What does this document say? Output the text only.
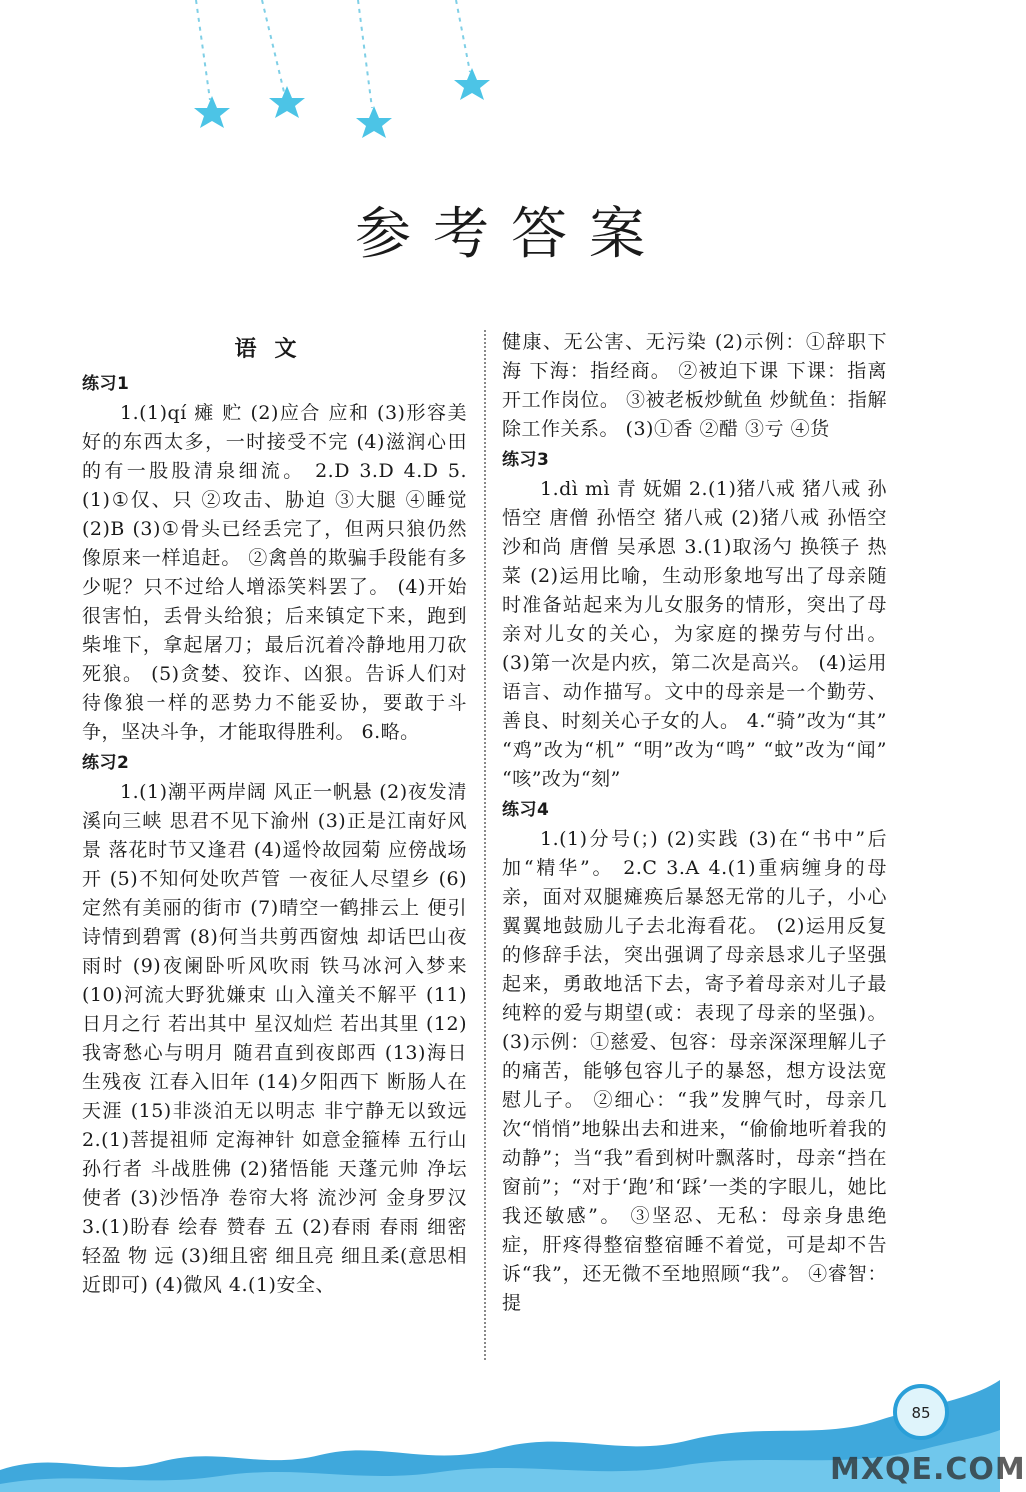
参考答案
语文

练习1

1.(1)qí 瘫 贮 (2)应合 应和 (3)形容美好的东西太多，一时接受不完 (4)滋润心田的有一股股清泉细流。 2.D 3.D 4.D 5.(1)①仅、只 ②攻击、胁迫 ③大腿 ④睡觉 (2)B (3)①骨头已经丢完了，但两只狼仍然像原来一样追赶。 ②禽兽的欺骗手段能有多少呢？只不过给人增添笑料罢了。 (4)开始很害怕，丢骨头给狼；后来镇定下来，跑到柴堆下，拿起屠刀；最后沉着冷静地用刀砍死狼。 (5)贪婪、狡诈、凶狠。告诉人们对待像狼一样的恶势力不能妥协，要敢于斗争，坚决斗争，才能取得胜利。 6.略。

练习2

1.(1)潮平两岸阔 风正一帆悬 (2)夜发清溪向三峡 思君不见下渝州 (3)正是江南好风景 落花时节又逢君 (4)遥怜故园菊 应傍战场开 (5)不知何处吹芦管 一夜征人尽望乡 (6)定然有美丽的街市 (7)晴空一鹤排云上 便引诗情到碧霄 (8)何当共剪西窗烛 却话巴山夜雨时 (9)夜阑卧听风吹雨 铁马冰河入梦来 (10)河流大野犹嫌束 山入潼关不解平 (11)日月之行 若出其中 星汉灿烂 若出其里 (12)我寄愁心与明月 随君直到夜郎西 (13)海日生残夜 江春入旧年 (14)夕阳西下 断肠人在天涯 (15)非淡泊无以明志 非宁静无以致远 2.(1)菩提祖师 定海神针 如意金箍棒 五行山 孙行者 斗战胜佛 (2)猪悟能 天蓬元帅 净坛使者 (3)沙悟净 卷帘大将 流沙河 金身罗汉 3.(1)盼春 绘春 赞春 五 (2)春雨 春雨 细密 轻盈 物 远 (3)细且密 细且亮 细且柔(意思相近即可) (4)微风 4.(1)安全、

健康、无公害、无污染 (2)示例：①辞职下海 下海：指经商。 ②被迫下课 下课：指离开工作岗位。 ③被老板炒鱿鱼 炒鱿鱼：指解除工作关系。 (3)①香 ②醋 ③亏 ④货

练习3

1.dì mì 青 妩媚 2.(1)猪八戒 猪八戒 孙悟空 唐僧 孙悟空 猪八戒 (2)猪八戒 孙悟空 沙和尚 唐僧 吴承恩 3.(1)取汤勺 换筷子 热菜 (2)运用比喻，生动形象地写出了母亲随时准备站起来为儿女服务的情形，突出了母亲对儿女的关心，为家庭的操劳与付出。 (3)第一次是内疚，第二次是高兴。 (4)运用语言、动作描写。文中的母亲是一个勤劳、善良、时刻关心子女的人。 4.“骑”改为“其” “鸡”改为“机” “明”改为“鸣” “蚊”改为“闻” “咳”改为“刻”

练习4

1.(1)分号(；) (2)实践 (3)在“书中”后加“精华”。 2.C 3.A 4.(1)重病缠身的母亲，面对双腿瘫痪后暴怒无常的儿子，小心翼翼地鼓励儿子去北海看花。 (2)运用反复的修辞手法，突出强调了母亲恳求儿子坚强起来，勇敢地活下去，寄予着母亲对儿子最纯粹的爱与期望(或：表现了母亲的坚强)。 (3)示例：①慈爱、包容：母亲深深理解儿子的痛苦，能够包容儿子的暴怒，想方设法宽慰儿子。 ②细心：“我”发脾气时，母亲几次“悄悄”地躲出去和进来，“偷偷地听着我的动静”；当“我”看到树叶飘落时，母亲“挡在窗前”；“对于‘跑’和‘踩’一类的字眼儿，她比我还敏感”。 ③坚忍、无私：母亲身患绝症，肝疼得整宿整宿睡不着觉，可是却不告诉“我”，还无微不至地照顾“我”。 ④睿智：提

85
MXQE.COM
